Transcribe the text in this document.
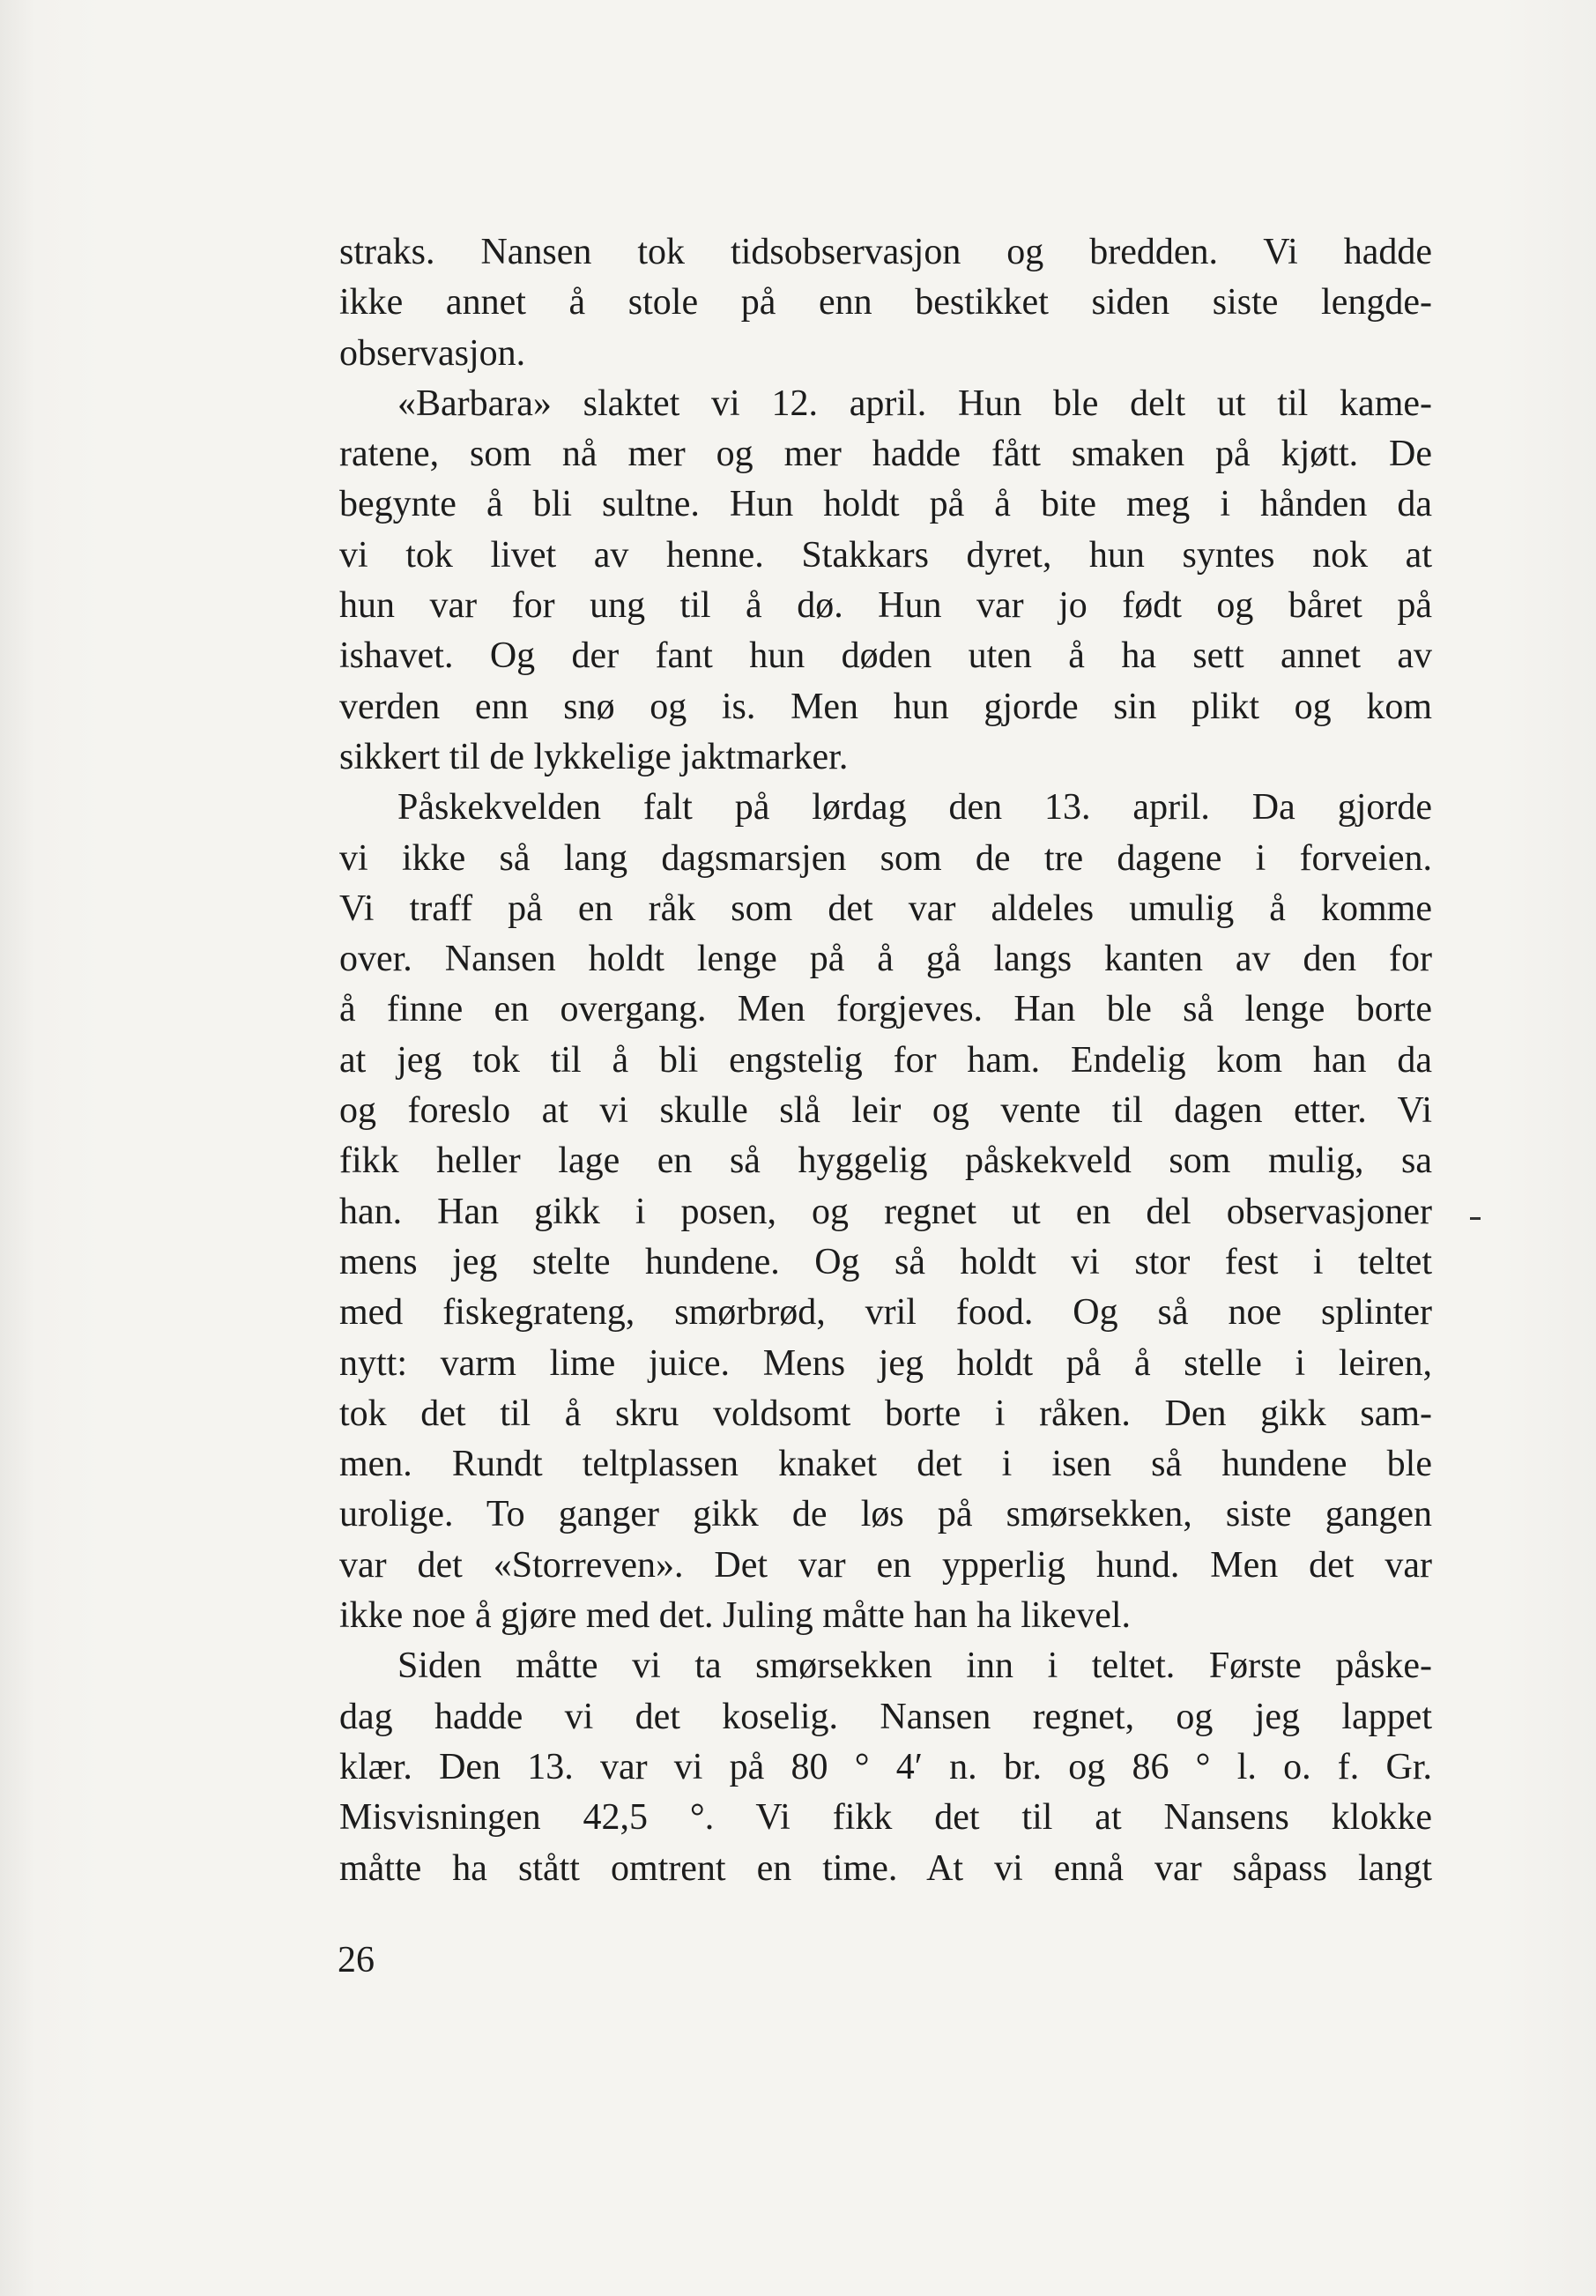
straks. Nansen tok tidsobservasjon og bredden. Vi hadde
ikke annet å stole på enn bestikket siden siste lengde-
observasjon.
«Barbara» slaktet vi 12. april. Hun ble delt ut til kame-
ratene, som nå mer og mer hadde fått smaken på kjøtt. De
begynte å bli sultne. Hun holdt på å bite meg i hånden da
vi tok livet av henne. Stakkars dyret, hun syntes nok at
hun var for ung til å dø. Hun var jo født og båret på
ishavet. Og der fant hun døden uten å ha sett annet av
verden enn snø og is. Men hun gjorde sin plikt og kom
sikkert til de lykkelige jaktmarker.
Påskekvelden falt på lørdag den 13. april. Da gjorde
vi ikke så lang dagsmarsjen som de tre dagene i forveien.
Vi traff på en råk som det var aldeles umulig å komme
over. Nansen holdt lenge på å gå langs kanten av den for
å finne en overgang. Men forgjeves. Han ble så lenge borte
at jeg tok til å bli engstelig for ham. Endelig kom han da
og foreslo at vi skulle slå leir og vente til dagen etter. Vi
fikk heller lage en så hyggelig påskekveld som mulig, sa
han. Han gikk i posen, og regnet ut en del observasjoner
mens jeg stelte hundene. Og så holdt vi stor fest i teltet
med fiskegrateng, smørbrød, vril food. Og så noe splinter
nytt: varm lime juice. Mens jeg holdt på å stelle i leiren,
tok det til å skru voldsomt borte i råken. Den gikk sam-
men. Rundt teltplassen knaket det i isen så hundene ble
urolige. To ganger gikk de løs på smørsekken, siste gangen
var det «Storreven». Det var en ypperlig hund. Men det var
ikke noe å gjøre med det. Juling måtte han ha likevel.
Siden måtte vi ta smørsekken inn i teltet. Første påske-
dag hadde vi det koselig. Nansen regnet, og jeg lappet
klær. Den 13. var vi på 80 ° 4′ n. br. og 86 ° l. o. f. Gr.
Misvisningen 42,5 °. Vi fikk det til at Nansens klokke
måtte ha stått omtrent en time. At vi ennå var såpass langt
26
